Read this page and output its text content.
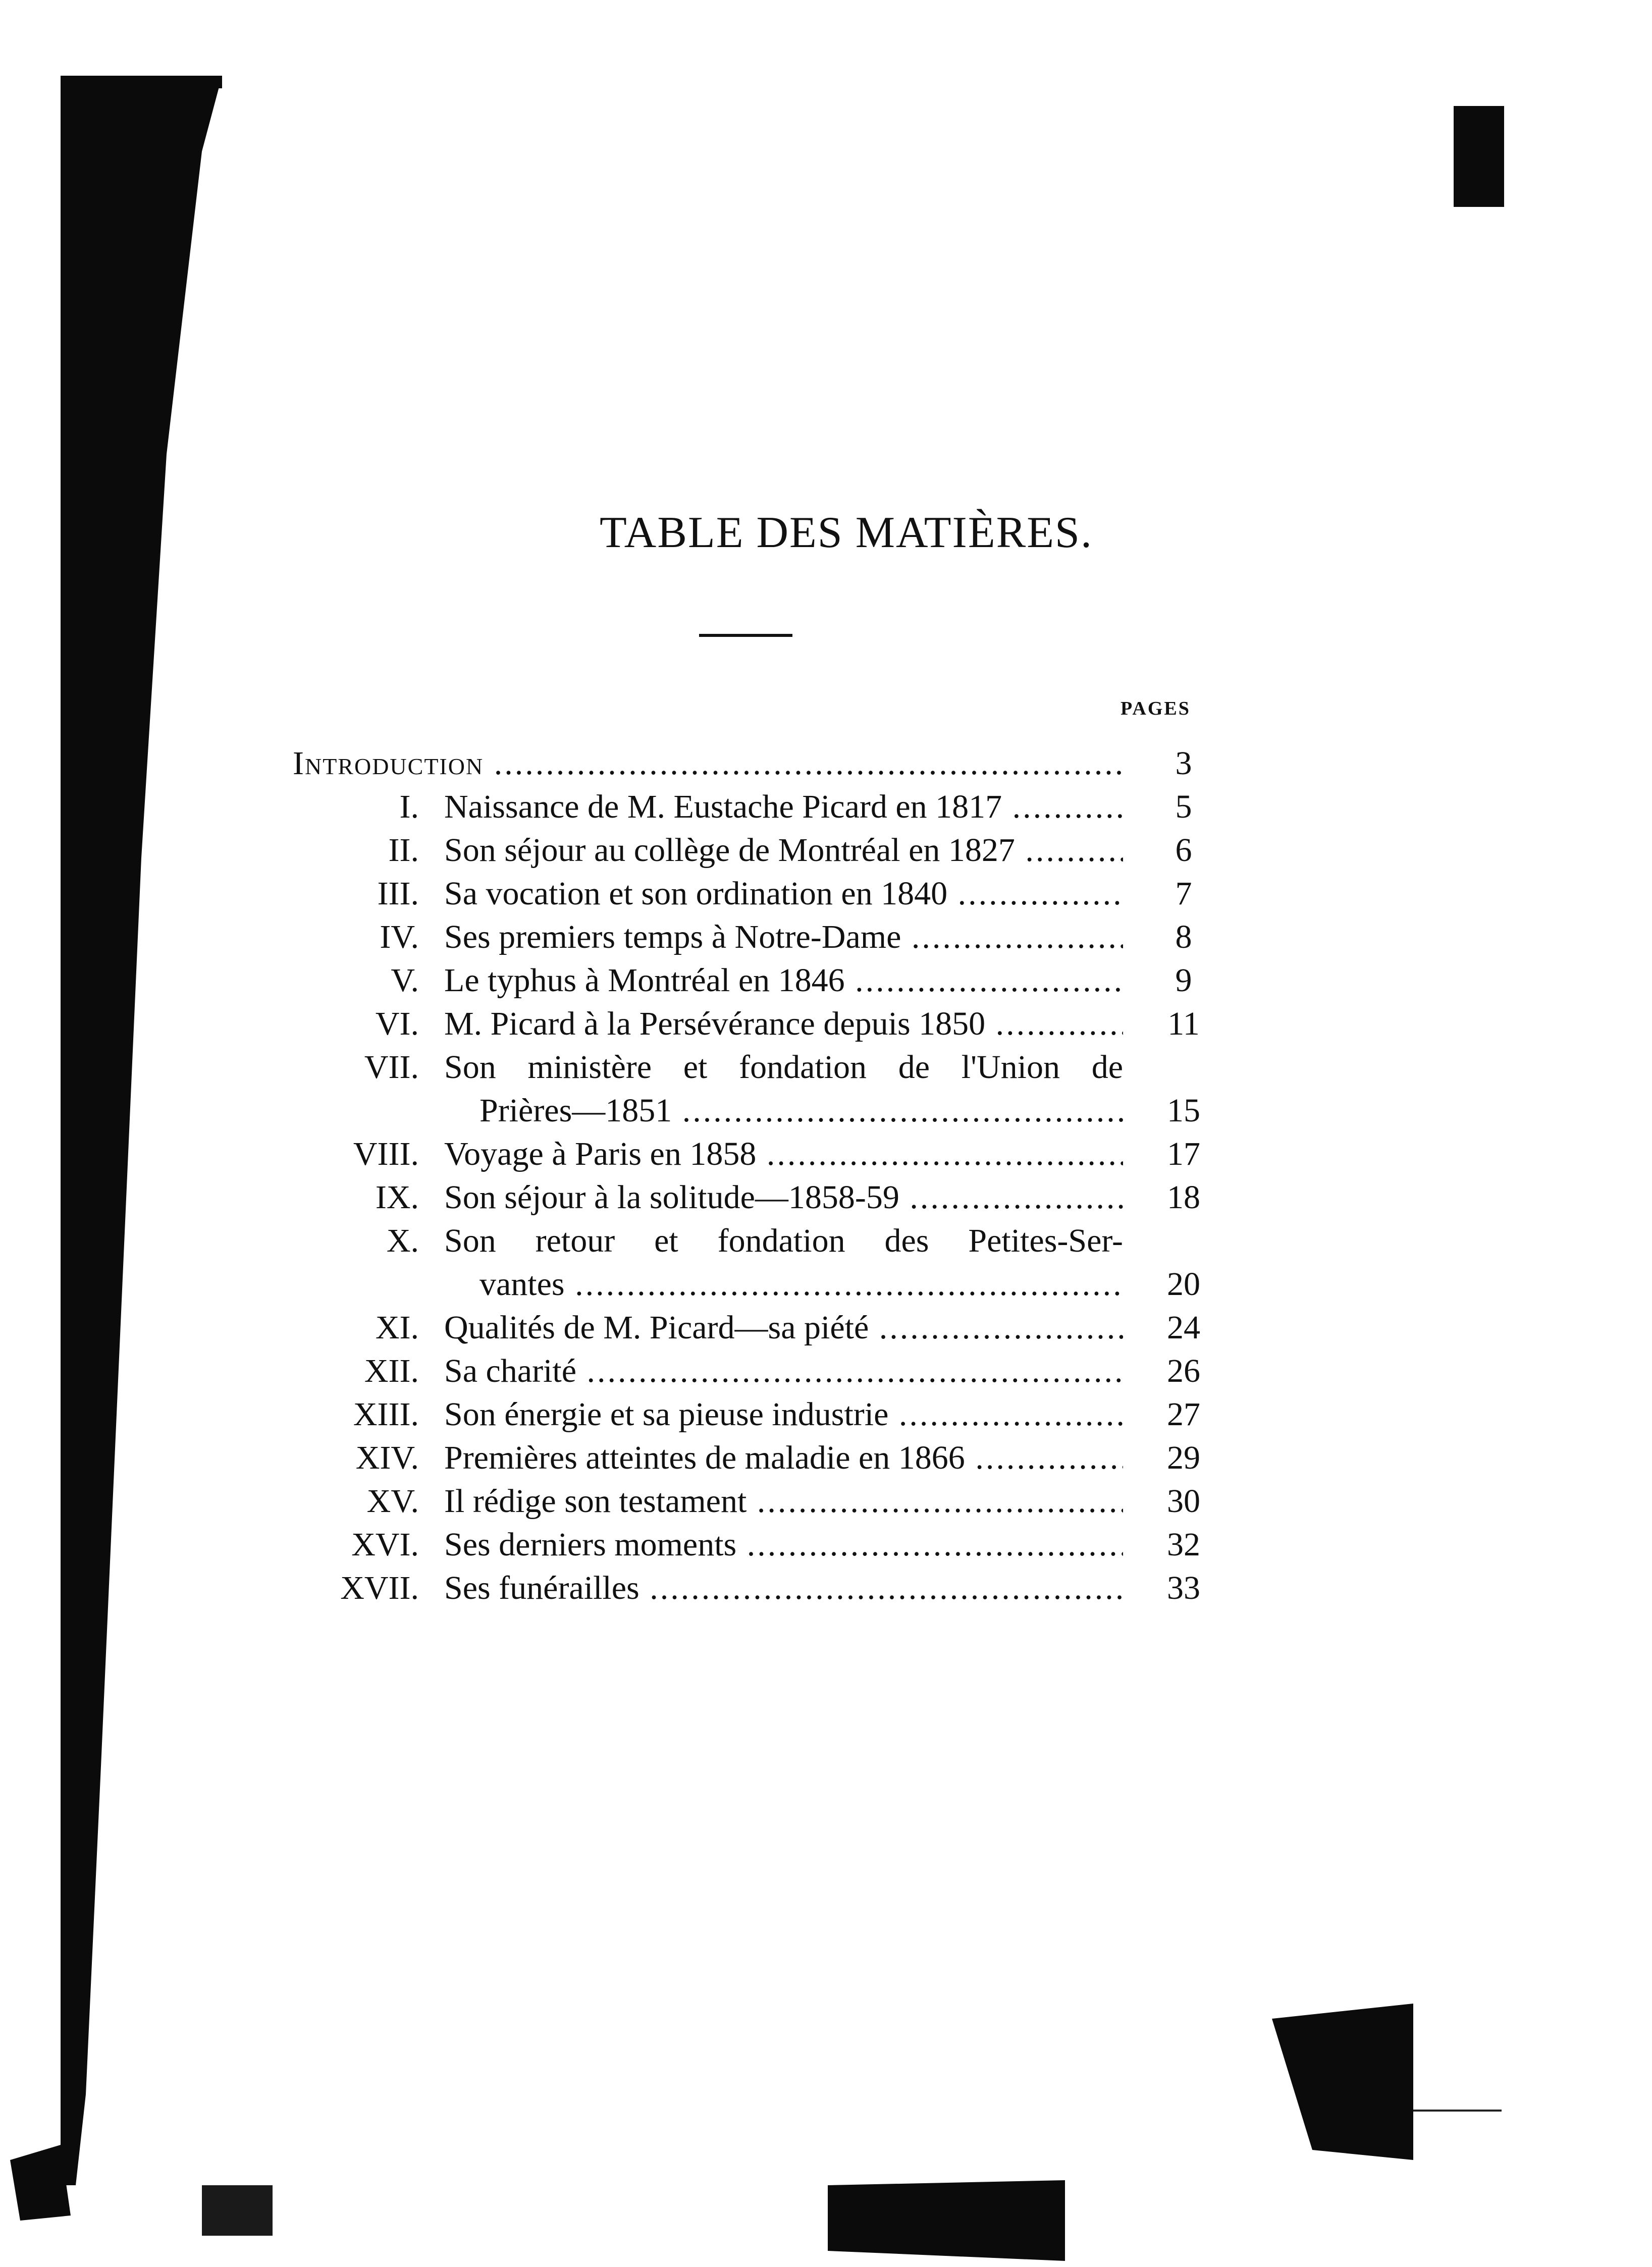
TABLE DES MATIÈRES.
PAGES
Introduction .....	3
I. Naissance de M. Eustache Picard en 1817 .....	5
II. Son séjour au collège de Montréal en 1827 .....	6
III. Sa vocation et son ordination en 1840 .....	7
IV. Ses premiers temps à Notre-Dame .....	8
V. Le typhus à Montréal en 1846 .....	9
VI. M. Picard à la Persévérance depuis 1850 .....	11
VII. Son ministère et fondation de l'Union de
Prières—1851 .....	15
VIII. Voyage à Paris en 1858 .....	17
IX. Son séjour à la solitude—1858-59 .....	18
X. Son retour et fondation des Petites-Ser-
vantes .....	20
XI. Qualités de M. Picard—sa piété .....	24
XII. Sa charité .....	26
XIII. Son énergie et sa pieuse industrie .....	27
XIV. Premières atteintes de maladie en 1866 .....	29
XV. Il rédige son testament .....	30
XVI. Ses derniers moments .....	32
XVII. Ses funérailles .....	33
